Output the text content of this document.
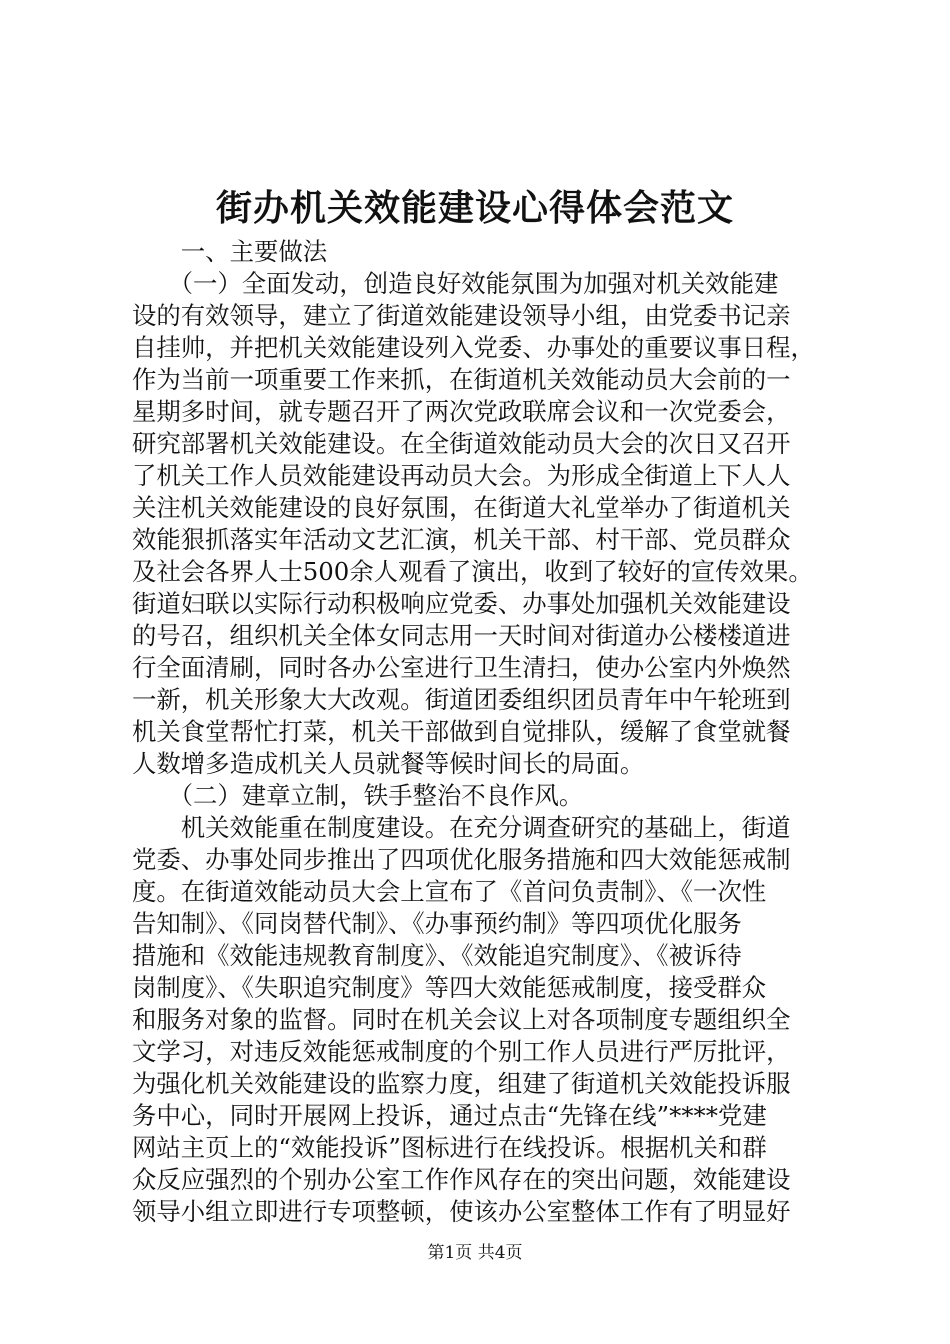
街办机关效能建设心得体会范文
　　一、主要做法
　　（一）全面发动，创造良好效能氛围为加强对机关效能建
设的有效领导，建立了街道效能建设领导小组，由党委书记亲
自挂帅，并把机关效能建设列入党委、办事处的重要议事日程，
作为当前一项重要工作来抓，在街道机关效能动员大会前的一
星期多时间，就专题召开了两次党政联席会议和一次党委会，
研究部署机关效能建设。在全街道效能动员大会的次日又召开
了机关工作人员效能建设再动员大会。为形成全街道上下人人
关注机关效能建设的良好氛围，在街道大礼堂举办了街道机关
效能狠抓落实年活动文艺汇演，机关干部、村干部、党员群众
及社会各界人士500余人观看了演出，收到了较好的宣传效果。
街道妇联以实际行动积极响应党委、办事处加强机关效能建设
的号召，组织机关全体女同志用一天时间对街道办公楼楼道进
行全面清刷，同时各办公室进行卫生清扫，使办公室内外焕然
一新，机关形象大大改观。街道团委组织团员青年中午轮班到
机关食堂帮忙打菜，机关干部做到自觉排队，缓解了食堂就餐
人数增多造成机关人员就餐等候时间长的局面。
　　（二）建章立制，铁手整治不良作风。
　　机关效能重在制度建设。在充分调查研究的基础上，街道
党委、办事处同步推出了四项优化服务措施和四大效能惩戒制
度。在街道效能动员大会上宣布了《首问负责制》、《一次性
告知制》、《同岗替代制》、《办事预约制》等四项优化服务
措施和《效能违规教育制度》、《效能追究制度》、《被诉待
岗制度》、《失职追究制度》等四大效能惩戒制度，接受群众
和服务对象的监督。同时在机关会议上对各项制度专题组织全
文学习，对违反效能惩戒制度的个别工作人员进行严厉批评，
为强化机关效能建设的监察力度，组建了街道机关效能投诉服
务中心，同时开展网上投诉，通过点击“先锋在线”****党建
网站主页上的“效能投诉”图标进行在线投诉。根据机关和群
众反应强烈的个别办公室工作作风存在的突出问题，效能建设
领导小组立即进行专项整顿，使该办公室整体工作有了明显好
第1页 共4页
